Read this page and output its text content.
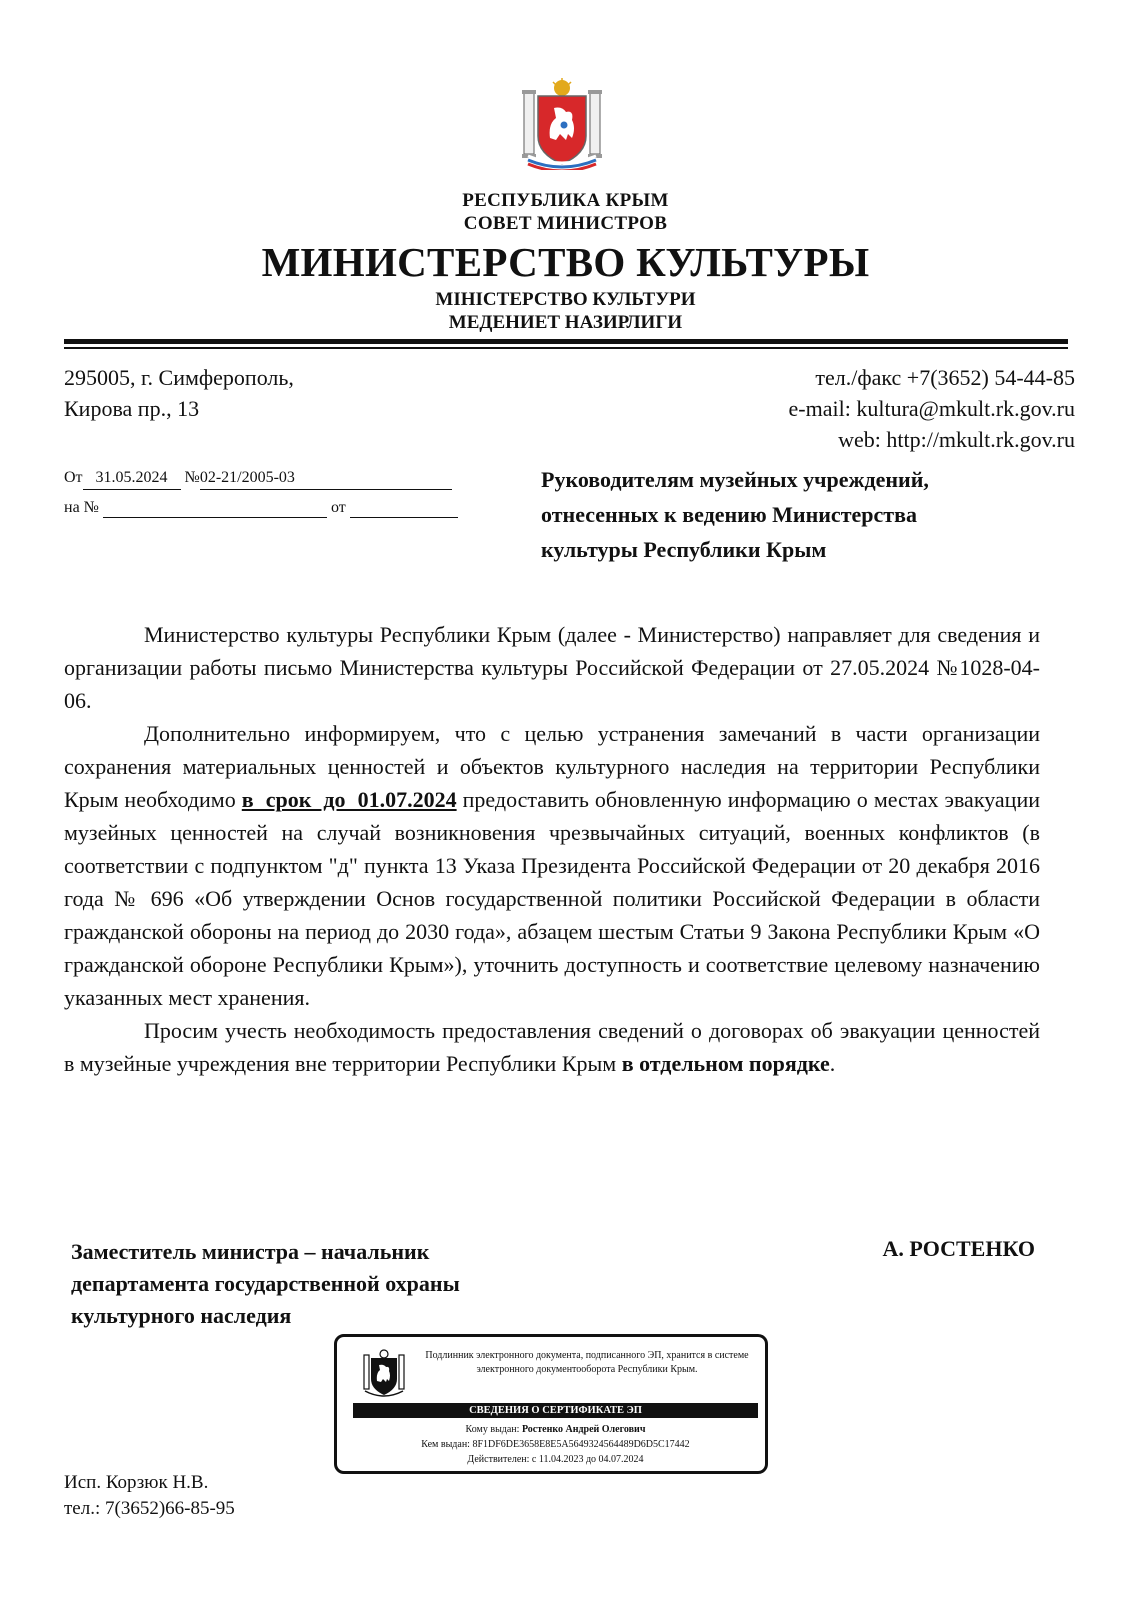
РЕСПУБЛИКА КРЫМ
СОВЕТ МИНИСТРОВ
МИНИСТЕРСТВО КУЛЬТУРЫ
МІНІСТЕРСТВО КУЛЬТУРИ
МЕДЕНИЕТ НАЗИРЛИГИ
295005, г. Симферополь,
Кирова пр., 13
тел./факс +7(3652) 54-44-85
e-mail: kultura@mkult.rk.gov.ru
web: http://mkult.rk.gov.ru
От 31.05.2024 №02-21/2005-03
на №	от
Руководителям музейных учреждений,
отнесенных к ведению Министерства
культуры Республики Крым

Министерство культуры Республики Крым (далее - Министерство) направляет для сведения и организации работы письмо Министерства культуры Российской Федерации от 27.05.2024 №1028-04-06.

Дополнительно информируем, что с целью устранения замечаний в части организации сохранения материальных ценностей и объектов культурного наследия на территории Республики Крым необходимо в срок до 01.07.2024 предоставить обновленную информацию о местах эвакуации музейных ценностей на случай возникновения чрезвычайных ситуаций, военных конфликтов (в соответствии с подпунктом "д" пункта 13 Указа Президента Российской Федерации от 20 декабря 2016 года № 696 «Об утверждении Основ государственной политики Российской Федерации в области гражданской обороны на период до 2030 года», абзацем шестым Статьи 9 Закона Республики Крым «О гражданской обороне Республики Крым»), уточнить доступность и соответствие целевому назначению указанных мест хранения.

Просим учесть необходимость предоставления сведений о договорах об эвакуации ценностей в музейные учреждения вне территории Республики Крым в отдельном порядке.

Заместитель министра – начальник
департамента государственной охраны
культурного наследия
А. РОСТЕНКО
Подлинник электронного документа, подписанного ЭП, хранится в системе электронного документооборота Республики Крым.
СВЕДЕНИЯ О СЕРТИФИКАТЕ ЭП
Кому выдан: Ростенко Андрей Олегович
Кем выдан: 8F1DF6DE3658E8E5A5649324564489D6D5C17442
Действителен: с 11.04.2023 до 04.07.2024
Исп. Корзюк Н.В.
тел.: 7(3652)66-85-95
